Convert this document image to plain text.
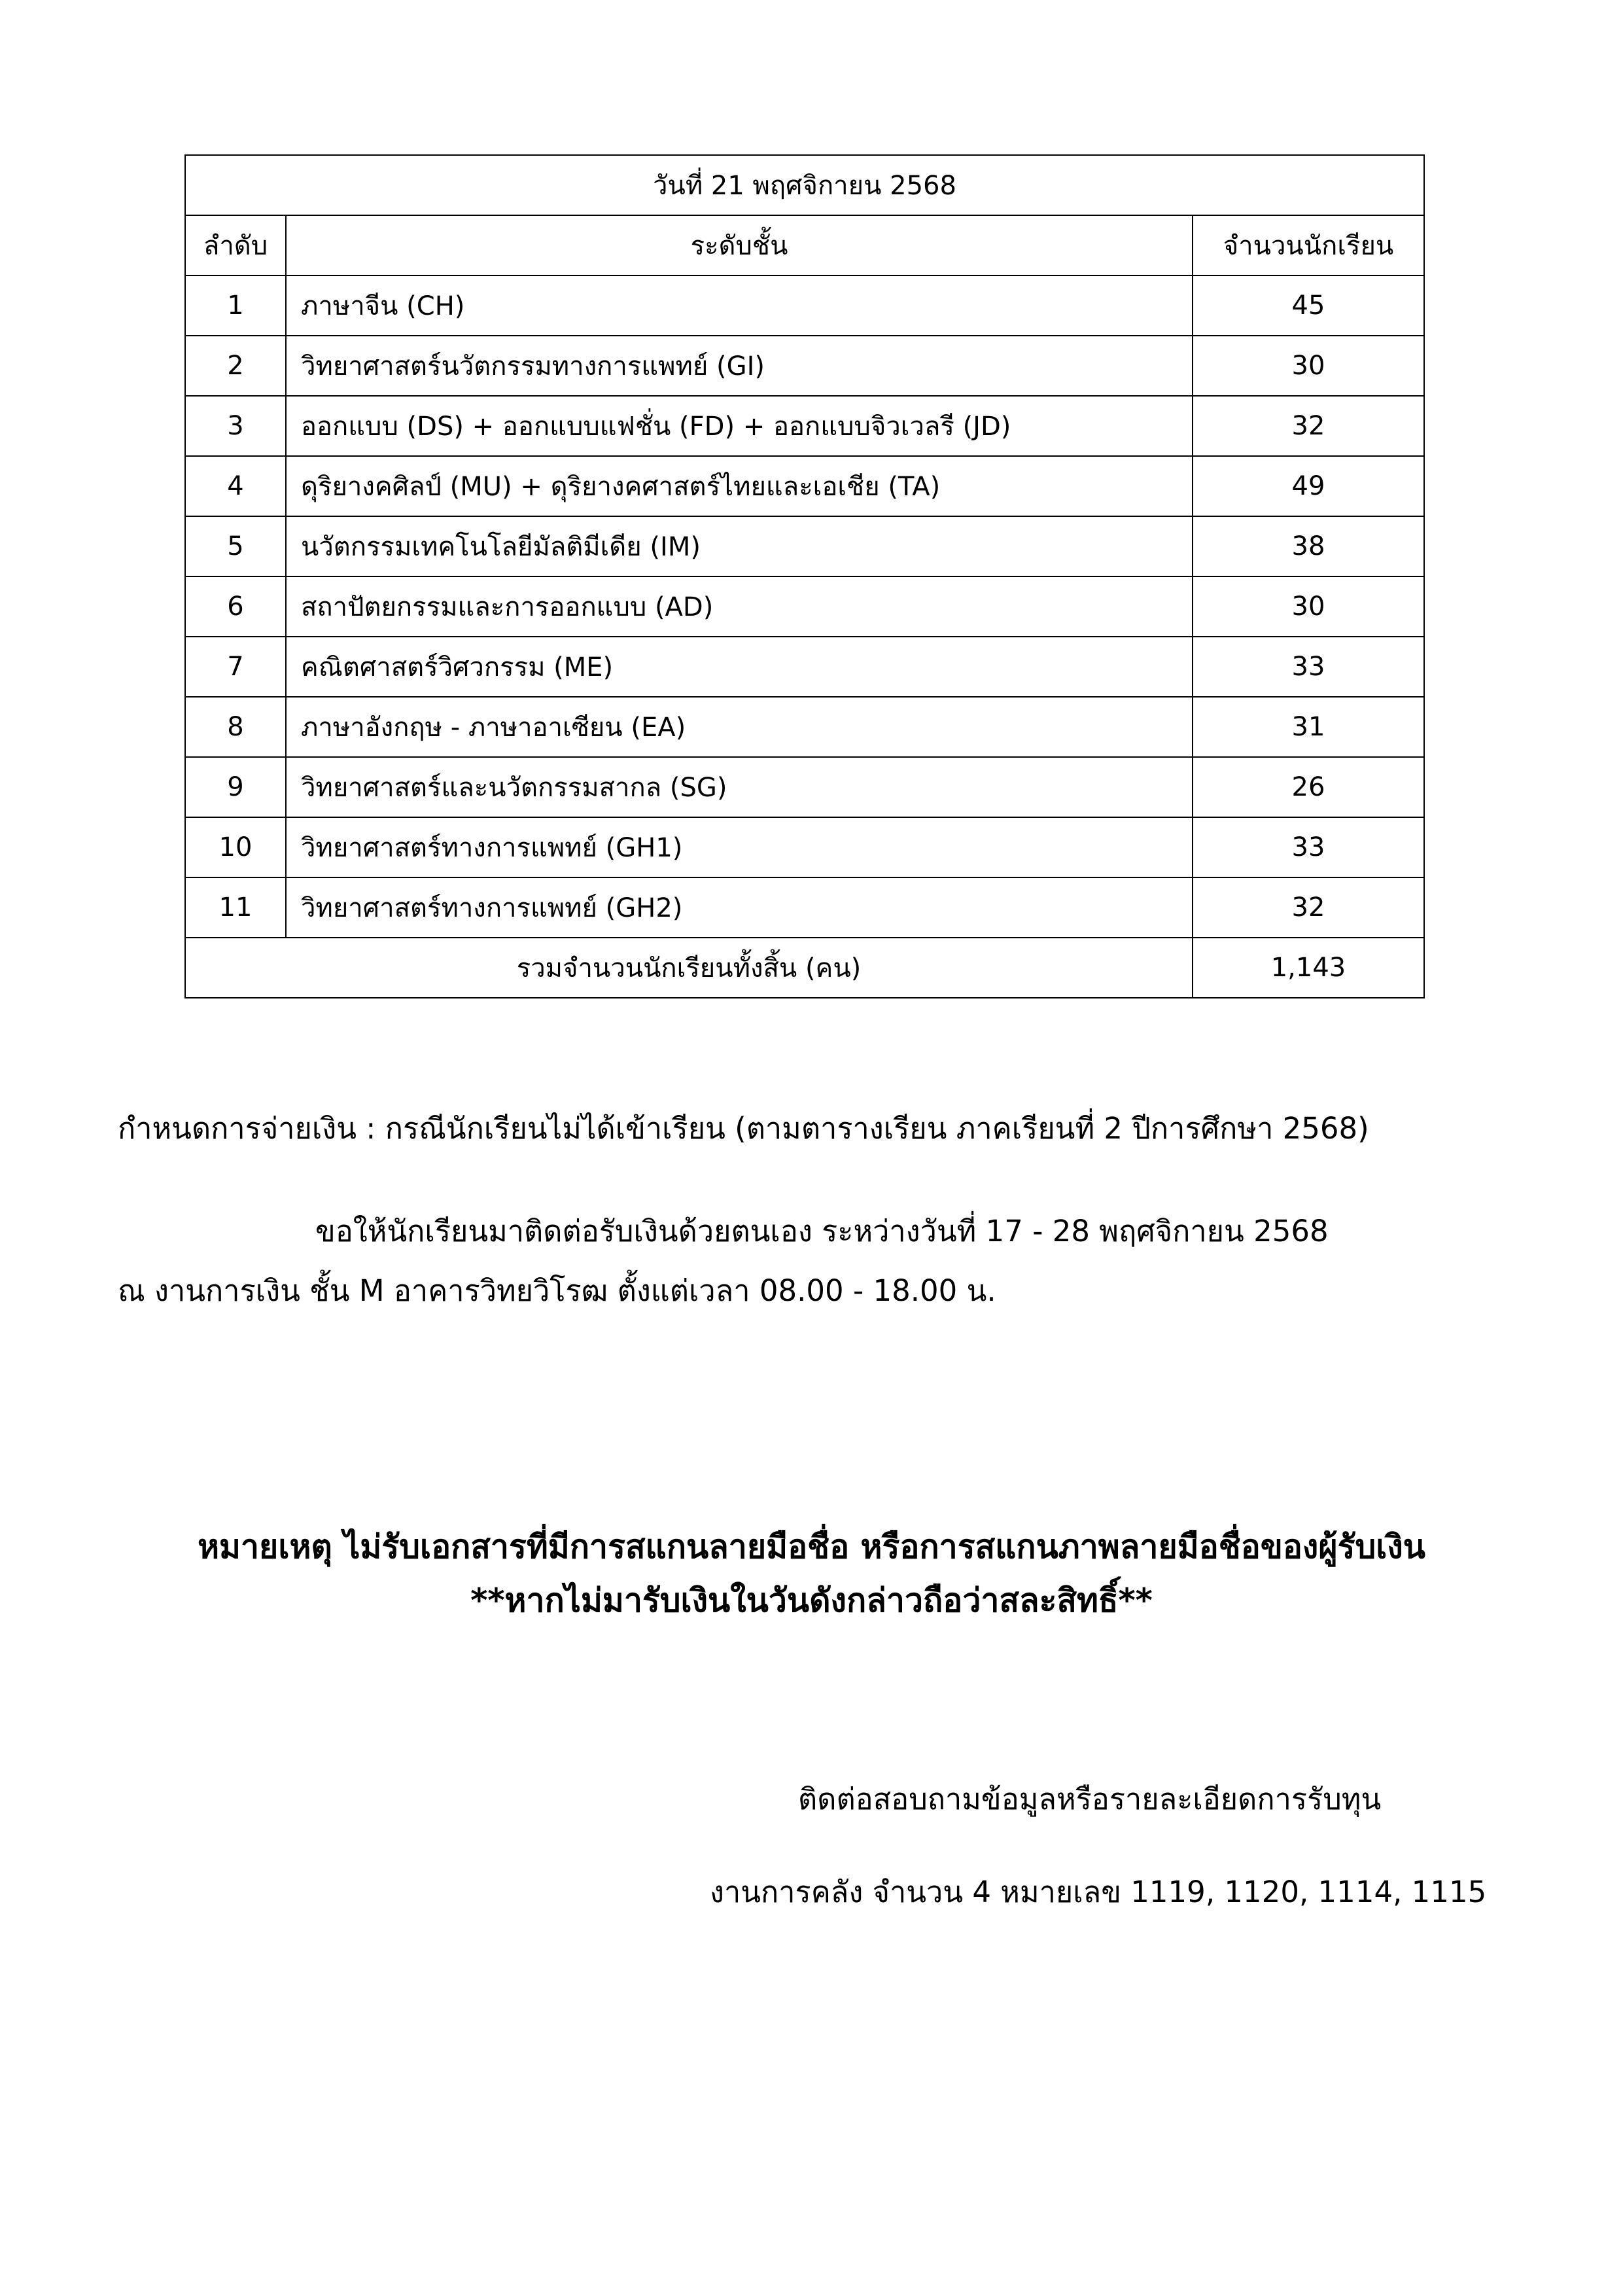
วันที่ 21 พฤศจิกายน 2568		
ลำดับ	ระดับชั้น	จำนวนนักเรียน
1	ภาษาจีน (CH)	45
2	วิทยาศาสตร์นวัตกรรมทางการแพทย์ (GI)	30
3	ออกแบบ (DS) + ออกแบบแฟชั่น (FD) + ออกแบบจิวเวลรี (JD)	32
4	ดุริยางคศิลป์ (MU) + ดุริยางคศาสตร์ไทยและเอเชีย (TA)	49
5	นวัตกรรมเทคโนโลยีมัลติมีเดีย (IM)	38
6	สถาปัตยกรรมและการออกแบบ (AD)	30
7	คณิตศาสตร์วิศวกรรม (ME)	33
8	ภาษาอังกฤษ - ภาษาอาเซียน (EA)	31
9	วิทยาศาสตร์และนวัตกรรมสากล (SG)	26
10	วิทยาศาสตร์ทางการแพทย์ (GH1)	33
11	วิทยาศาสตร์ทางการแพทย์ (GH2)	32
รวมจำนวนนักเรียนทั้งสิ้น (คน)		1,143
กำหนดการจ่ายเงิน : กรณีนักเรียนไม่ได้เข้าเรียน (ตามตารางเรียน ภาคเรียนที่ 2 ปีการศึกษา 2568)
ขอให้นักเรียนมาติดต่อรับเงินด้วยตนเอง ระหว่างวันที่ 17 - 28 พฤศจิกายน 2568
ณ งานการเงิน ชั้น M อาคารวิทยวิโรฒ ตั้งแต่เวลา 08.00 - 18.00 น.
หมายเหตุ ไม่รับเอกสารที่มีการสแกนลายมือชื่อ หรือการสแกนภาพลายมือชื่อของผู้รับเงิน
**หากไม่มารับเงินในวันดังกล่าวถือว่าสละสิทธิ์**
ติดต่อสอบถามข้อมูลหรือรายละเอียดการรับทุน
งานการคลัง จำนวน 4 หมายเลข 1119, 1120, 1114, 1115
